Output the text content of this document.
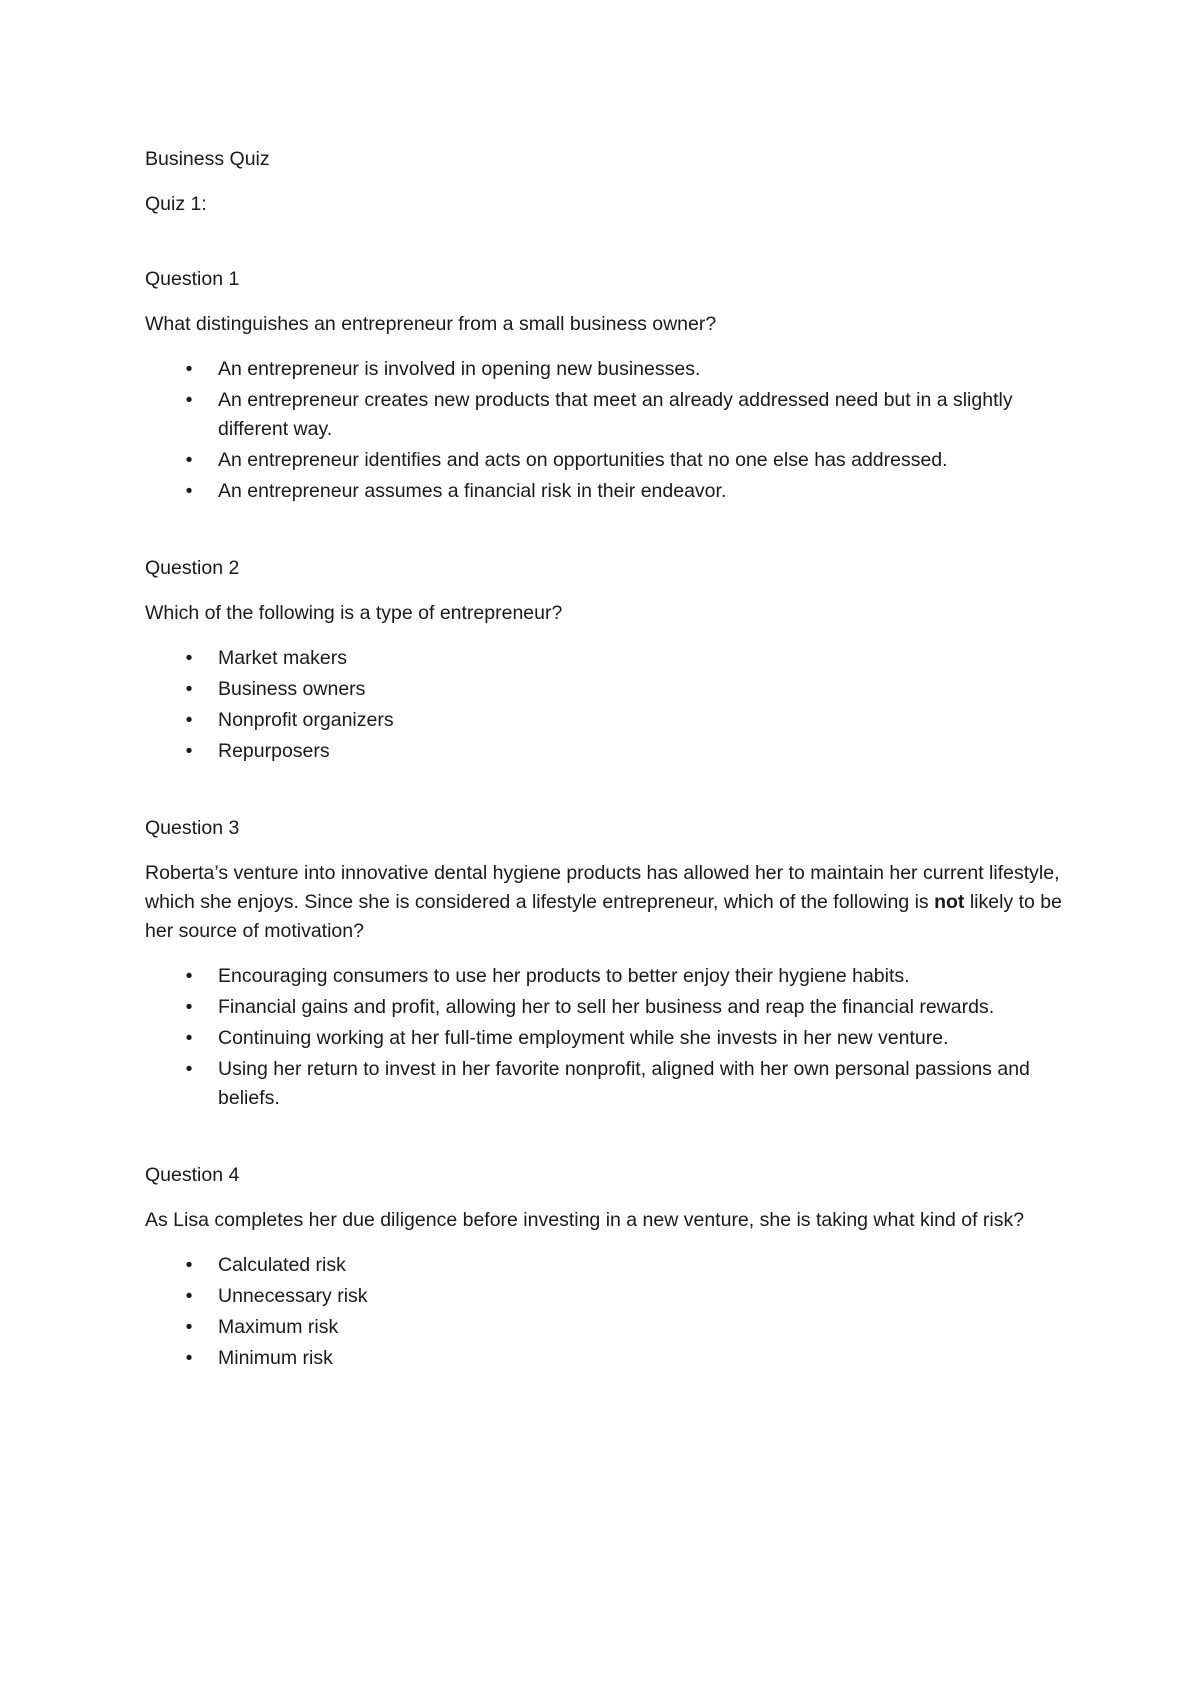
Business Quiz

Quiz 1:

Question 1

What distinguishes an entrepreneur from a small business owner?

• An entrepreneur is involved in opening new businesses.
• An entrepreneur creates new products that meet an already addressed need but in a slightly different way.
• An entrepreneur identifies and acts on opportunities that no one else has addressed.
• An entrepreneur assumes a financial risk in their endeavor.

Question 2

Which of the following is a type of entrepreneur?

• Market makers
• Business owners
• Nonprofit organizers
• Repurposers

Question 3

Roberta’s venture into innovative dental hygiene products has allowed her to maintain her current lifestyle, which she enjoys. Since she is considered a lifestyle entrepreneur, which of the following is not likely to be her source of motivation?

• Encouraging consumers to use her products to better enjoy their hygiene habits.
• Financial gains and profit, allowing her to sell her business and reap the financial rewards.
• Continuing working at her full-time employment while she invests in her new venture.
• Using her return to invest in her favorite nonprofit, aligned with her own personal passions and beliefs.

Question 4

As Lisa completes her due diligence before investing in a new venture, she is taking what kind of risk?

• Calculated risk
• Unnecessary risk
• Maximum risk
• Minimum risk
